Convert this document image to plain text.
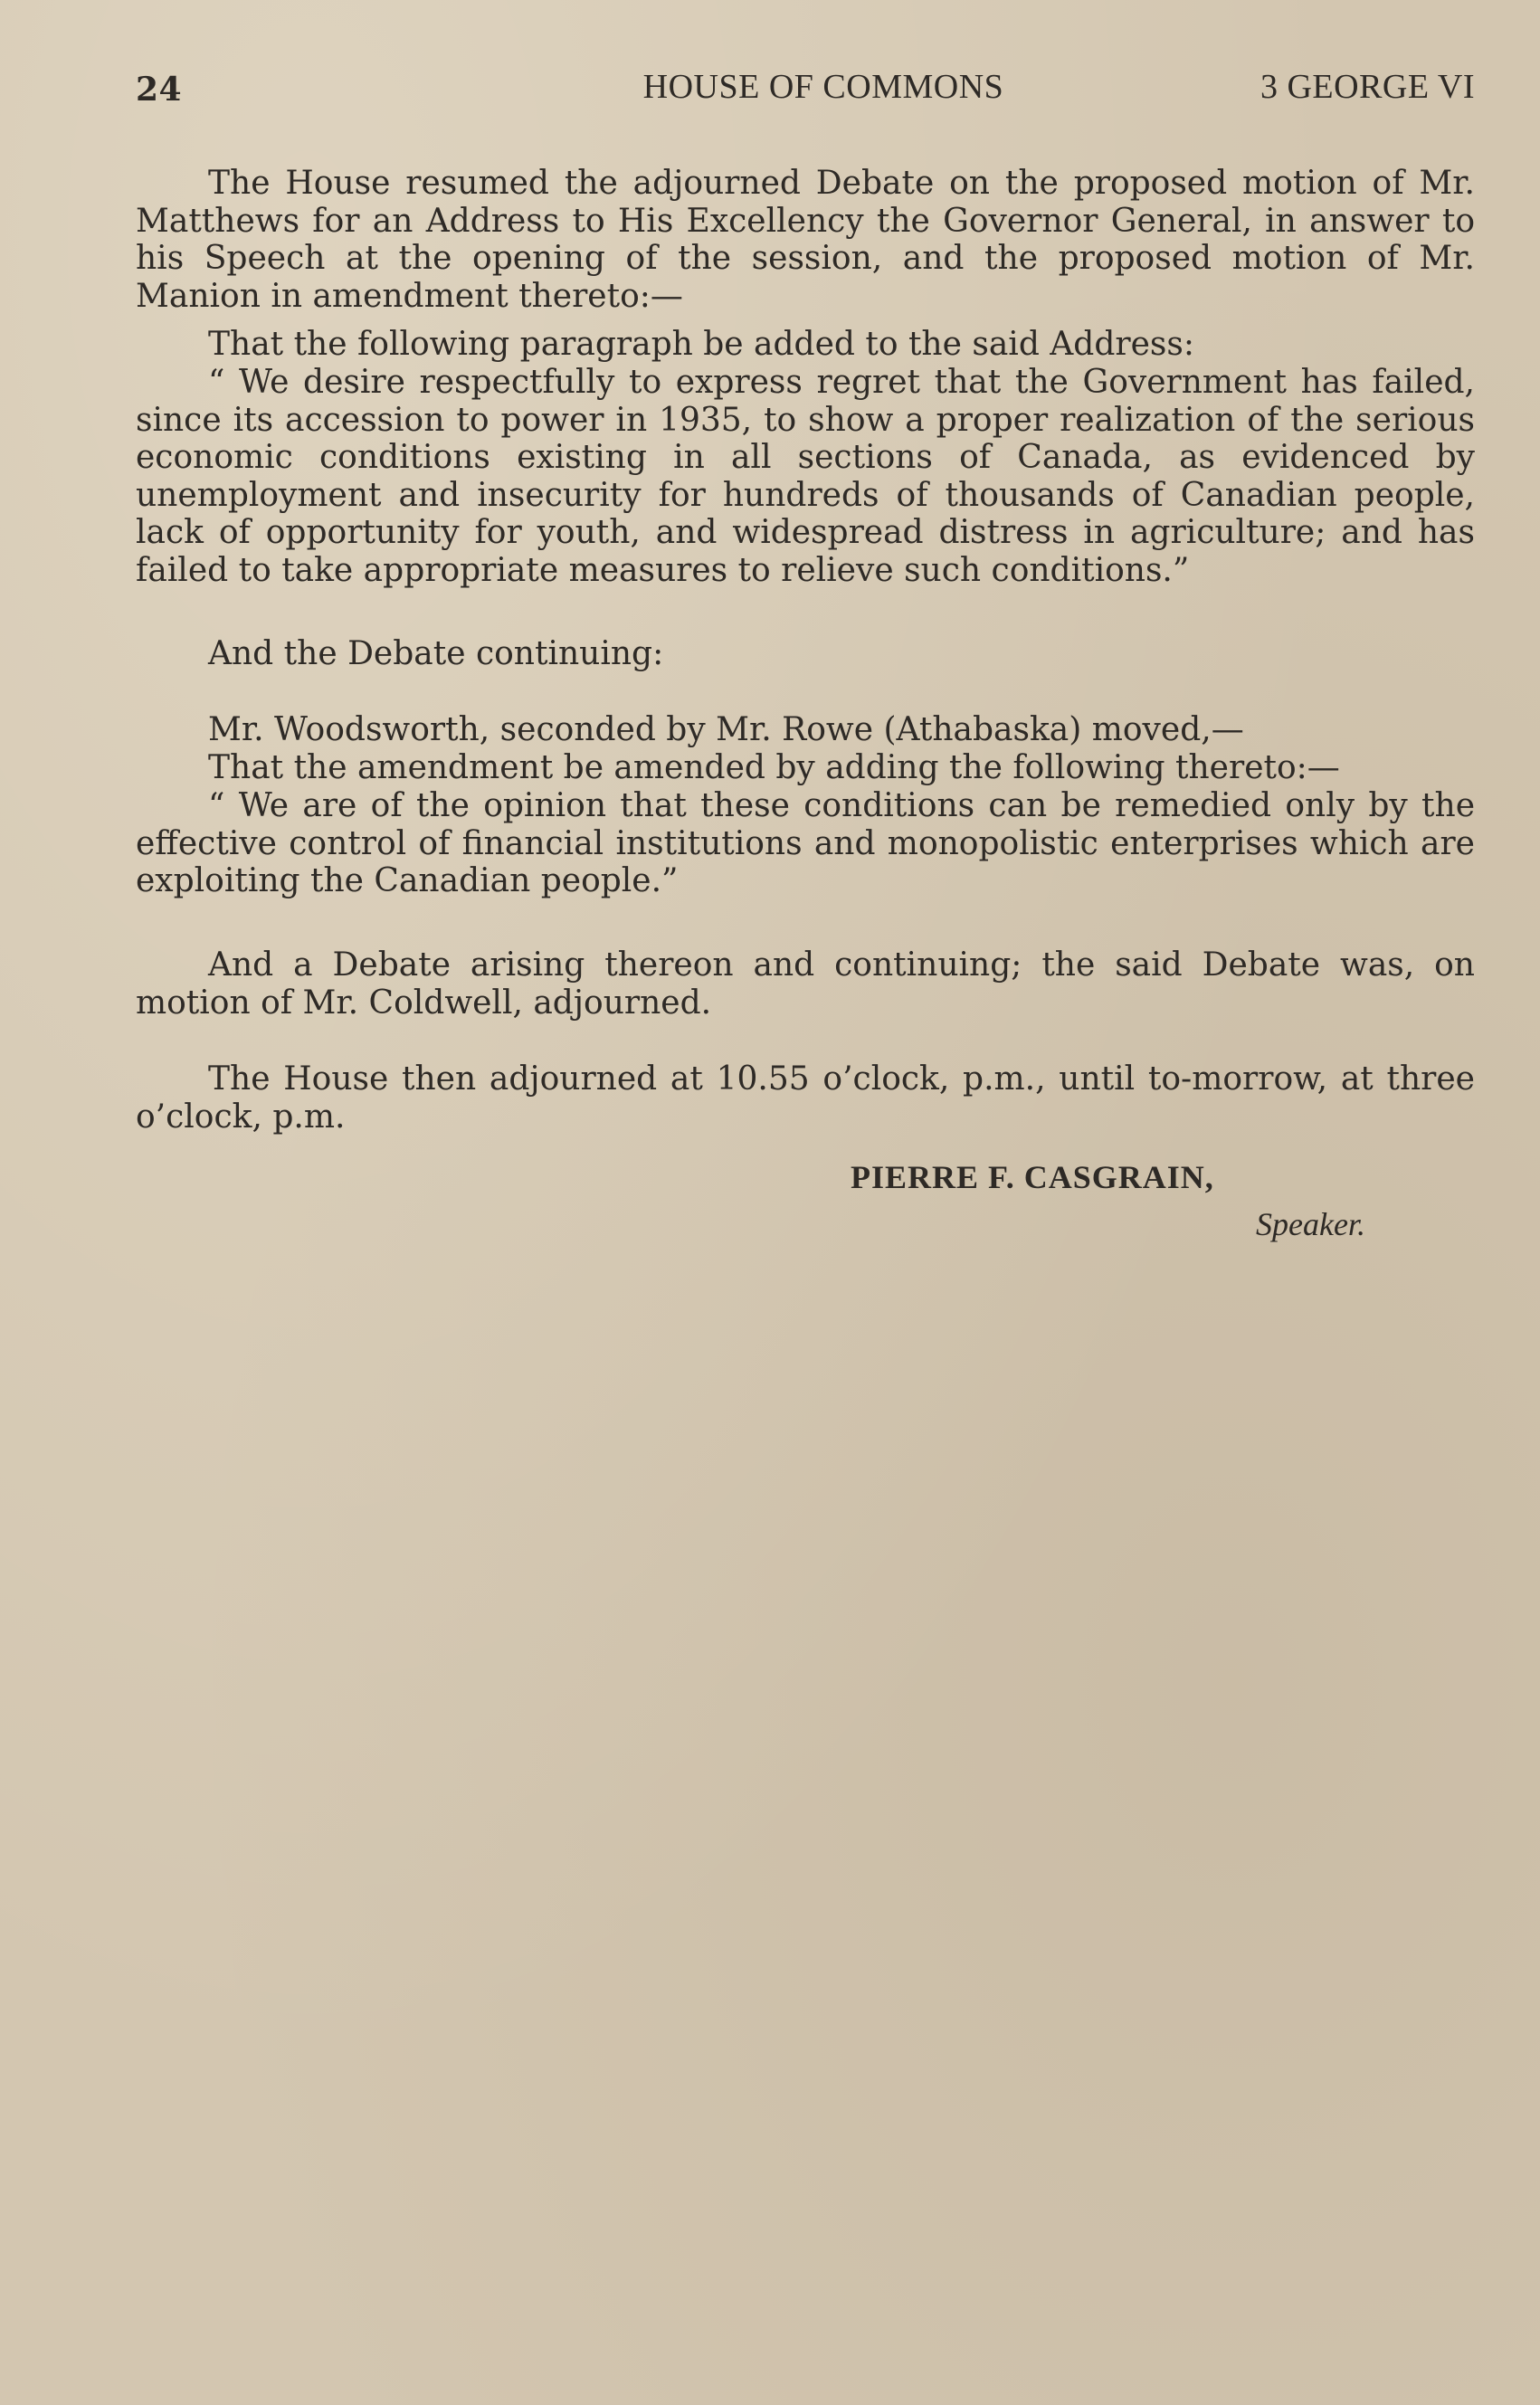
24	HOUSE OF COMMONS	3 GEORGE VI

The House resumed the adjourned Debate on the proposed motion of Mr. Matthews for an Address to His Excellency the Governor General, in answer to his Speech at the opening of the session, and the proposed motion of Mr. Manion in amendment thereto:—

That the following paragraph be added to the said Address:

“ We desire respectfully to express regret that the Government has failed, since its accession to power in 1935, to show a proper realization of the serious economic conditions existing in all sections of Canada, as evidenced by unemployment and insecurity for hundreds of thousands of Canadian people, lack of opportunity for youth, and widespread distress in agriculture; and has failed to take appropriate measures to relieve such conditions.”

And the Debate continuing:

Mr. Woodsworth, seconded by Mr. Rowe (Athabaska) moved,—

That the amendment be amended by adding the following thereto:—

“ We are of the opinion that these conditions can be remedied only by the effective control of financial institutions and monopolistic enterprises which are exploiting the Canadian people.”

And a Debate arising thereon and continuing; the said Debate was, on motion of Mr. Coldwell, adjourned.

The House then adjourned at 10.55 o’clock, p.m., until to-morrow, at three o’clock, p.m.

PIERRE F. CASGRAIN,
Speaker.
